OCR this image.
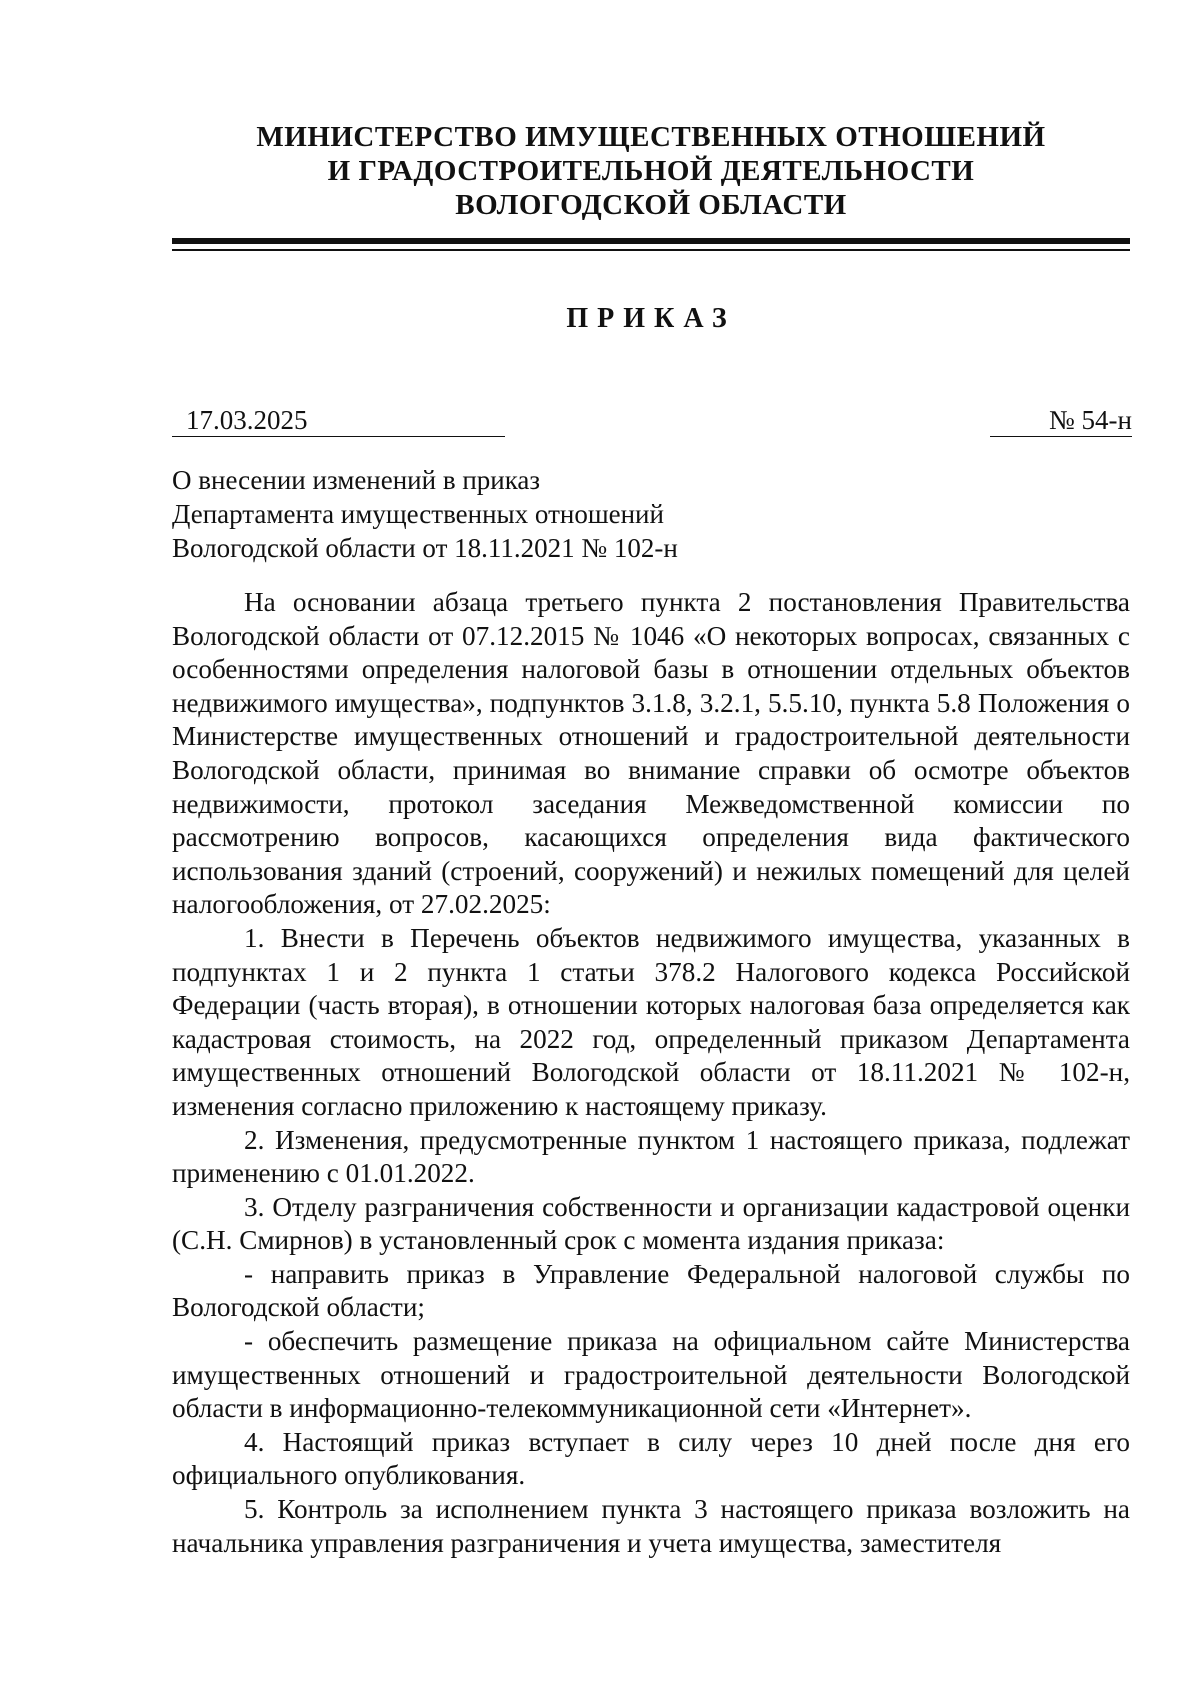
МИНИСТЕРСТВО ИМУЩЕСТВЕННЫХ ОТНОШЕНИЙ
И ГРАДОСТРОИТЕЛЬНОЙ ДЕЯТЕЛЬНОСТИ
ВОЛОГОДСКОЙ ОБЛАСТИ
ПРИКАЗ
17.03.2025	№ 54-н
О внесении изменений в приказ
Департамента имущественных отношений
Вологодской области от 18.11.2021 № 102-н

На основании абзаца третьего пункта 2 постановления Правительства Вологодской области от 07.12.2015 № 1046 «О некоторых вопросах, связанных с особенностями определения налоговой базы в отношении отдельных объектов недвижимого имущества», подпунктов 3.1.8, 3.2.1, 5.5.10, пункта 5.8 Положения о Министерстве имущественных отношений и градостроительной деятельности Вологодской области, принимая во внимание справки об осмотре объектов недвижимости, протокол заседания Межведомственной комиссии по рассмотрению вопросов, касающихся определения вида фактического использования зданий (строений, сооружений) и нежилых помещений для целей налогообложения, от 27.02.2025:

1. Внести в Перечень объектов недвижимого имущества, указанных в подпунктах 1 и 2 пункта 1 статьи 378.2 Налогового кодекса Российской Федерации (часть вторая), в отношении которых налоговая база определяется как кадастровая стоимость, на 2022 год, определенный приказом Департамента имущественных отношений Вологодской области от 18.11.2021 № 102-н, изменения согласно приложению к настоящему приказу.

2. Изменения, предусмотренные пунктом 1 настоящего приказа, подлежат применению с 01.01.2022.

3. Отделу разграничения собственности и организации кадастровой оценки (С.Н. Смирнов) в установленный срок с момента издания приказа:

- направить приказ в Управление Федеральной налоговой службы по Вологодской области;

- обеспечить размещение приказа на официальном сайте Министерства имущественных отношений и градостроительной деятельности Вологодской области в информационно-телекоммуникационной сети «Интернет».

4. Настоящий приказ вступает в силу через 10 дней после дня его официального опубликования.

5. Контроль за исполнением пункта 3 настоящего приказа возложить на начальника управления разграничения и учета имущества, заместителя
